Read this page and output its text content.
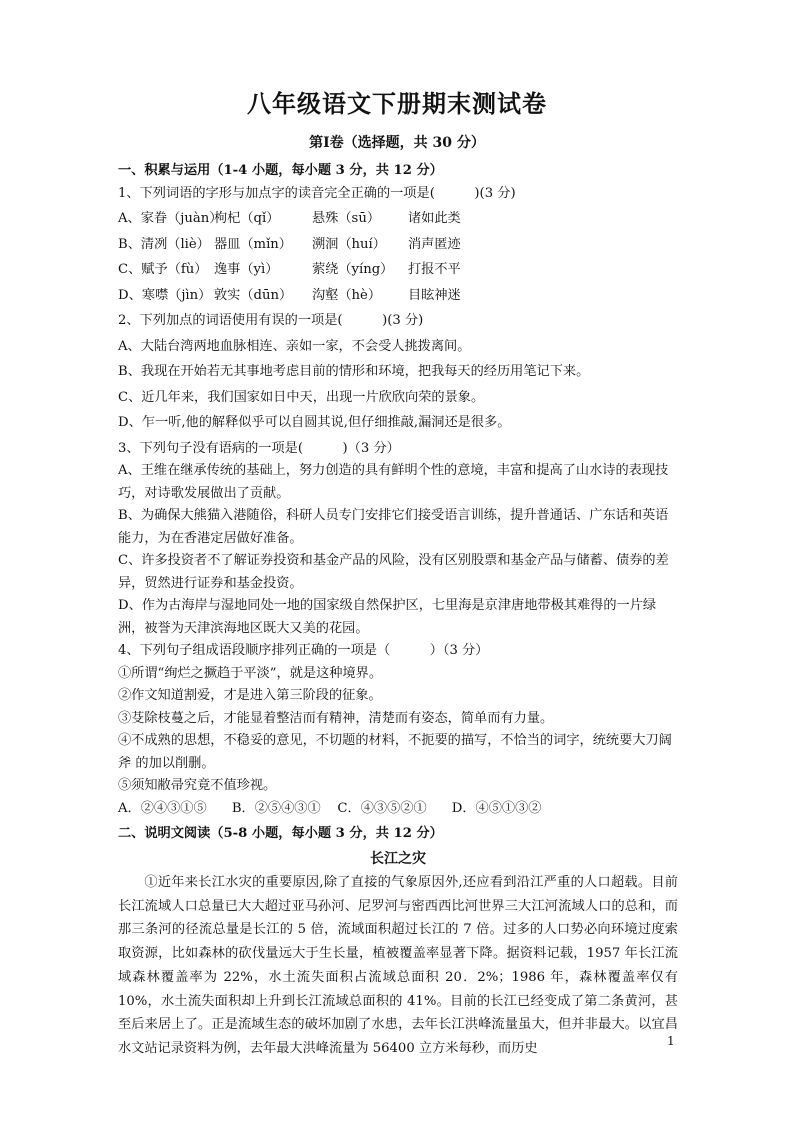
八年级语文下册期末测试卷

第Ⅰ卷（选择题，共 30 分）

一、积累与运用（1-4 小题，每小题 3 分，共 12 分）

1、下列词语的字形与加点字的读音完全正确的一项是(　　　)(3 分)

A、家眷（juàn）枸杞（qǐ） 悬殊（sū） 诸如此类

B、清冽（liè） 器皿（mǐn） 溯洄（huí） 消声匿迹

C、赋予（fù） 逸事（yì）	萦绕（yíng） 打报不平

D、寒噤（jìn） 敦实（dūn） 沟壑（hè） 目眩神迷

2、下列加点的词语使用有误的一项是(　　　)(3 分)

A、大陆台湾两地血脉相连、亲如一家，不会受人挑拨离间。

B、我现在开始若无其事地考虑目前的情形和环境，把我每天的经历用笔记下来。

C、近几年来，我们国家如日中天，出现一片欣欣向荣的景象。

D、乍一听,他的解释似乎可以自圆其说,但仔细推敲,漏洞还是很多。

3、下列句子没有语病的一项是(　　　)（3 分）

A、王维在继承传统的基础上，努力创造的具有鲜明个性的意境，丰富和提高了山水诗的表现技巧，对诗歌发展做出了贡献。

B、为确保大熊猫入港随俗，科研人员专门安排它们接受语言训练，提升普通话、广东话和英语能力，为在香港定居做好准备。

C、许多投资者不了解证券投资和基金产品的风险，没有区别股票和基金产品与储蓄、债券的差异，贸然进行证券和基金投资。

D、作为古海岸与湿地同处一地的国家级自然保护区，七里海是京津唐地带极其难得的一片绿洲，被誉为天津滨海地区既大又美的花园。

4、下列句子组成语段顺序排列正确的一项是（　　　）（3 分）

①所谓“绚烂之撅趋于平淡”，就是这种境界。

②作文知道割爱，才是进入第三阶段的征象。

③芟除枝蔓之后，才能显着整洁而有精神，清楚而有姿态，简单而有力量。

④不成熟的思想，不稳妥的意见，不切题的材料，不扼要的描写，不恰当的词字，统统要大刀阔斧 的加以削删。

⑤须知敝帚究竟不值珍视。

A．②④③①⑤ B．②⑤④③① C．④③⑤②① D．④⑤①③②

二、说明文阅读（5-8 小题，每小题 3 分，共 12 分）

长江之灾

①近年来长江水灾的重要原因,除了直接的气象原因外,还应看到沿江严重的人口超载。目前长江流域人口总量已大大超过亚马孙河、尼罗河与密西西比河世界三大江河流域人口的总和，而那三条河的径流总量是长江的 5 倍，流域面积超过长江的 7 倍。过多的人口势必向环境过度索取资源，比如森林的砍伐量远大于生长量，植被覆盖率显著下降。据资料记载，1957 年长江流域森林覆盖率为 22%，水土流失面积占流域总面积 20．2%；1986 年，森林覆盖率仅有 10%，水土流失面积却上升到长江流域总面积的 41%。目前的长江已经变成了第二条黄河，甚至后来居上了。正是流域生态的破坏加剧了水患，去年长江洪峰流量虽大，但并非最大。以宜昌水文站记录资料为例，去年最大洪峰流量为 56400 立方米每秒，而历史	1
